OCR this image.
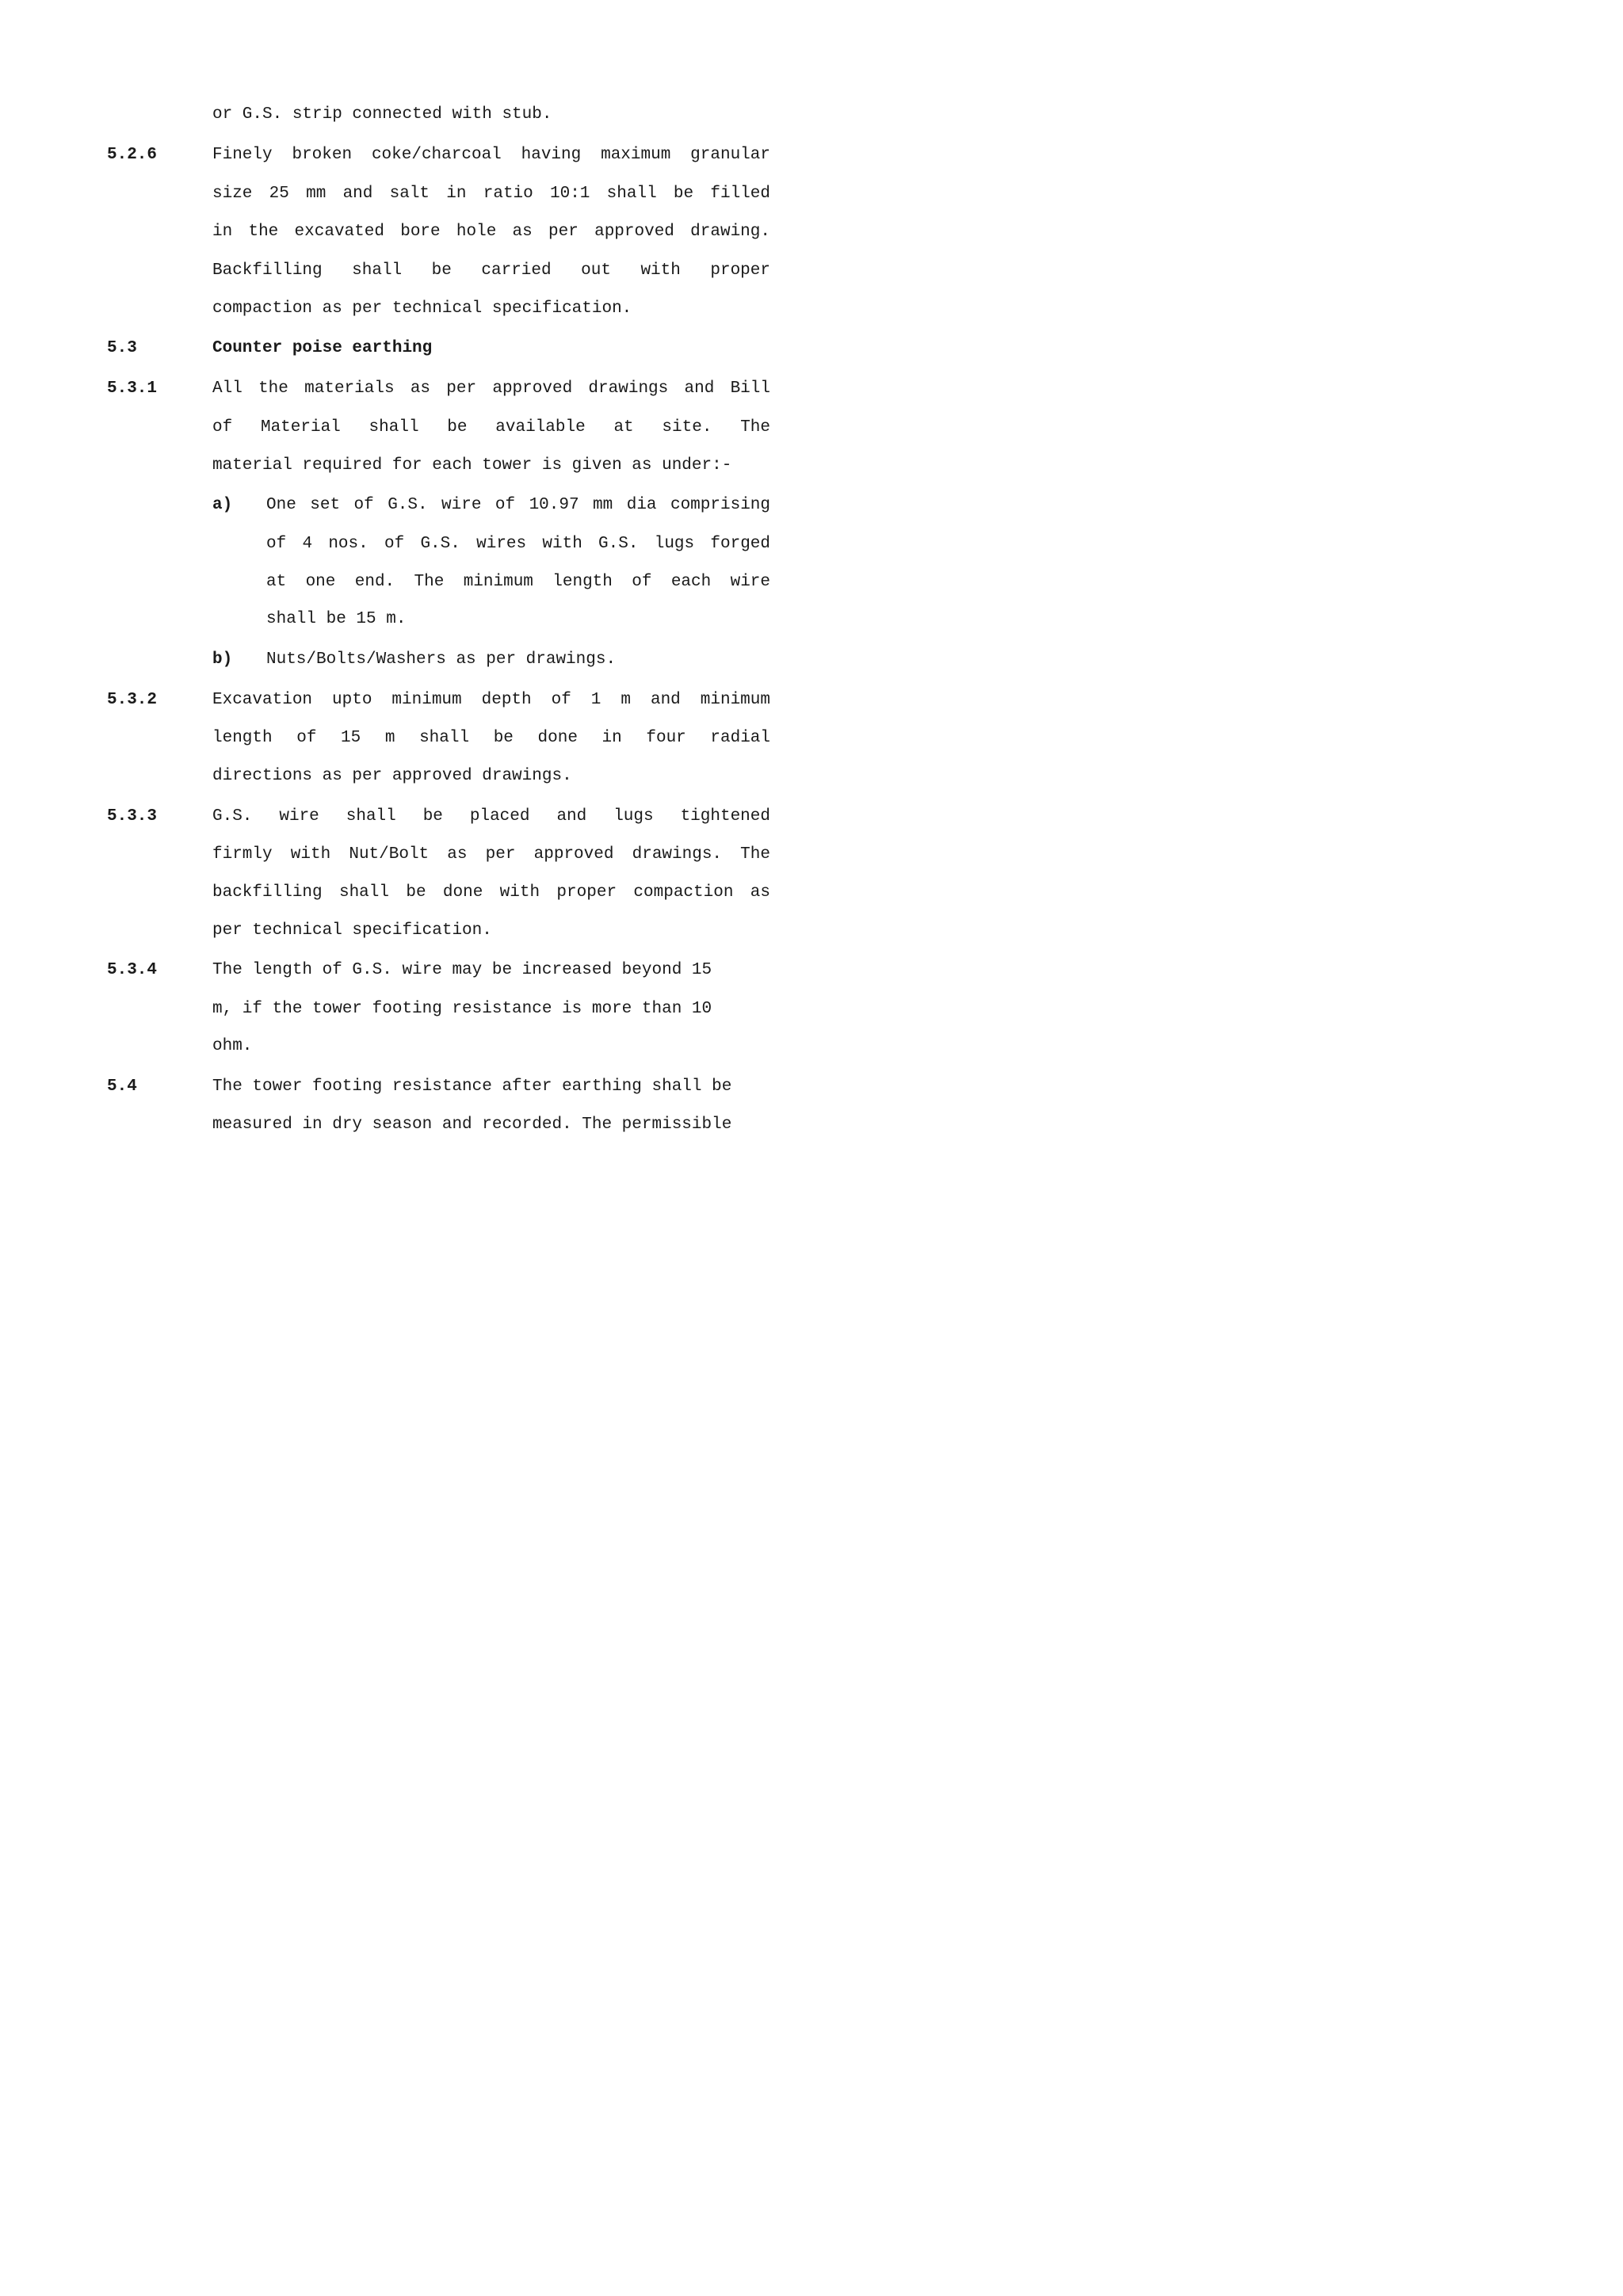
or G.S. strip connected with stub.
5.2.6	Finely broken coke/charcoal having maximum granular
size 25 mm and salt in ratio 10:1 shall be filled
in the excavated bore hole as per approved drawing.
Backfilling shall be carried out with proper
compaction as per technical specification.
5.3	Counter poise earthing
5.3.1	All the materials as per approved drawings and Bill
of Material shall be available at site. The
material required for each tower is given as under:-
a) One set of G.S. wire of 10.97 mm dia comprising
of 4 nos. of G.S. wires with G.S. lugs forged
at one end. The minimum length of each wire
shall be 15 m.
b) Nuts/Bolts/Washers as per drawings.
5.3.2	Excavation upto minimum depth of 1 m and minimum
length of 15 m shall be done in four radial
directions as per approved drawings.
5.3.3	G.S. wire shall be placed and lugs tightened
firmly with Nut/Bolt as per approved drawings. The
backfilling shall be done with proper compaction as
per technical specification.
5.3.4	The length of G.S. wire may be increased beyond 15
m, if the tower footing resistance is more than 10
ohm.
5.4	The tower footing resistance after earthing shall be
measured in dry season and recorded. The permissible
